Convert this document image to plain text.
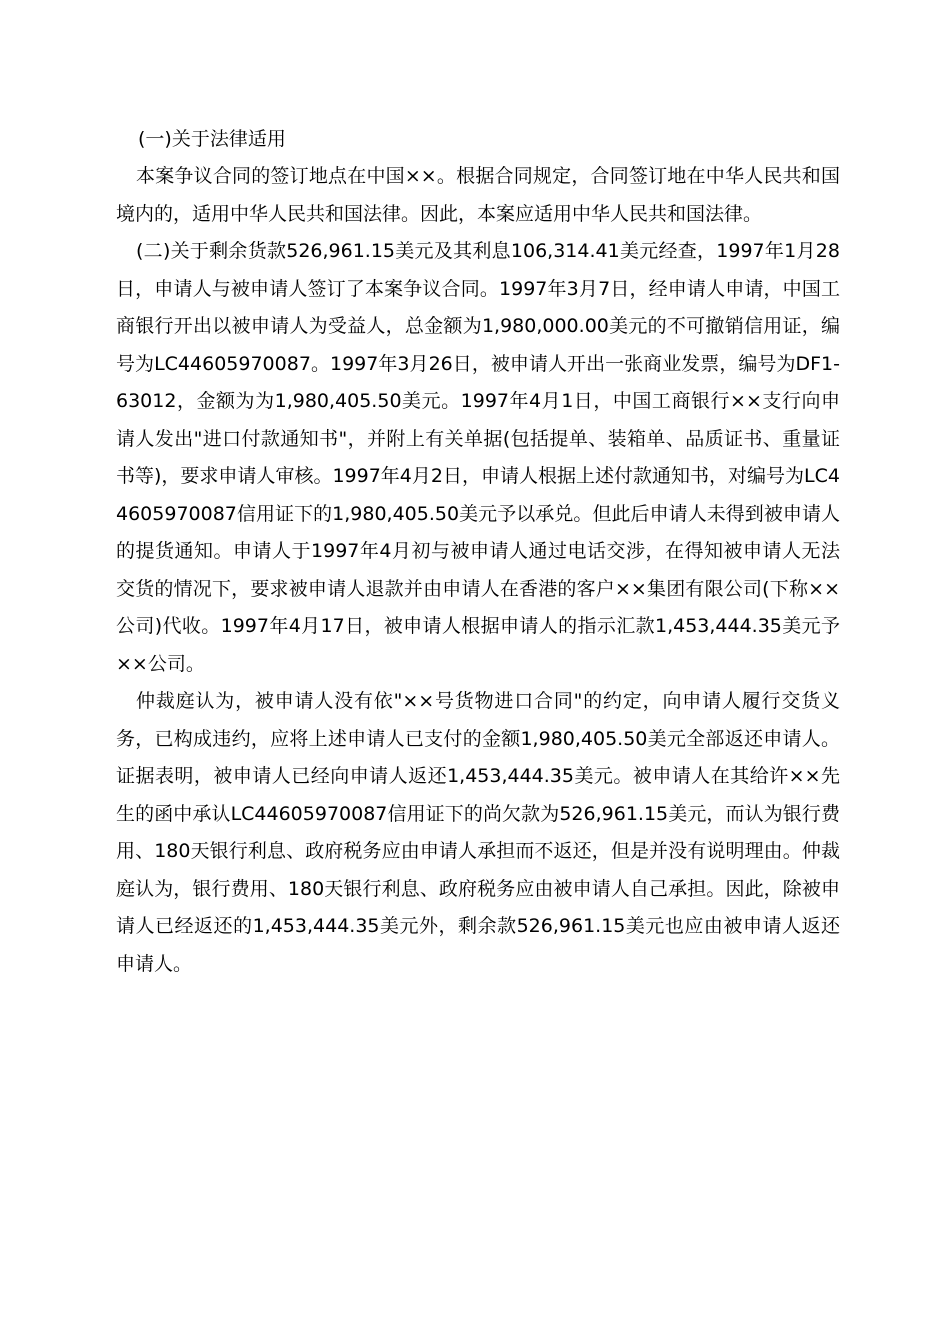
(一)关于法律适用

本案争议合同的签订地点在中国××。根据合同规定，合同签订地在中华人民共和国境内的，适用中华人民共和国法律。因此，本案应适用中华人民共和国法律。

(二)关于剩余货款526,961.15美元及其利息106,314.41美元经查，1997年1月28日，申请人与被申请人签订了本案争议合同。1997年3月7日，经申请人申请，中国工商银行开出以被申请人为受益人，总金额为1,980,000.00美元的不可撤销信用证，编号为LC44605970087。1997年3月26日，被申请人开出一张商业发票，编号为DF1-63012，金额为为1,980,405.50美元。1997年4月1日，中国工商银行××支行向申请人发出"进口付款通知书"，并附上有关单据(包括提单、装箱单、品质证书、重量证书等)，要求申请人审核。1997年4月2日，申请人根据上述付款通知书，对编号为LC44605970087信用证下的1,980,405.50美元予以承兑。但此后申请人未得到被申请人的提货通知。申请人于1997年4月初与被申请人通过电话交涉，在得知被申请人无法交货的情况下，要求被申请人退款并由申请人在香港的客户××集团有限公司(下称××公司)代收。1997年4月17日，被申请人根据申请人的指示汇款1,453,444.35美元予××公司。

仲裁庭认为，被申请人没有依"××号货物进口合同"的约定，向申请人履行交货义务，已构成违约，应将上述申请人已支付的金额1,980,405.50美元全部返还申请人。证据表明，被申请人已经向申请人返还1,453,444.35美元。被申请人在其给许××先生的函中承认LC44605970087信用证下的尚欠款为526,961.15美元，而认为银行费用、180天银行利息、政府税务应由申请人承担而不返还，但是并没有说明理由。仲裁庭认为，银行费用、180天银行利息、政府税务应由被申请人自己承担。因此，除被申请人已经返还的1,453,444.35美元外，剩余款526,961.15美元也应由被申请人返还申请人。
